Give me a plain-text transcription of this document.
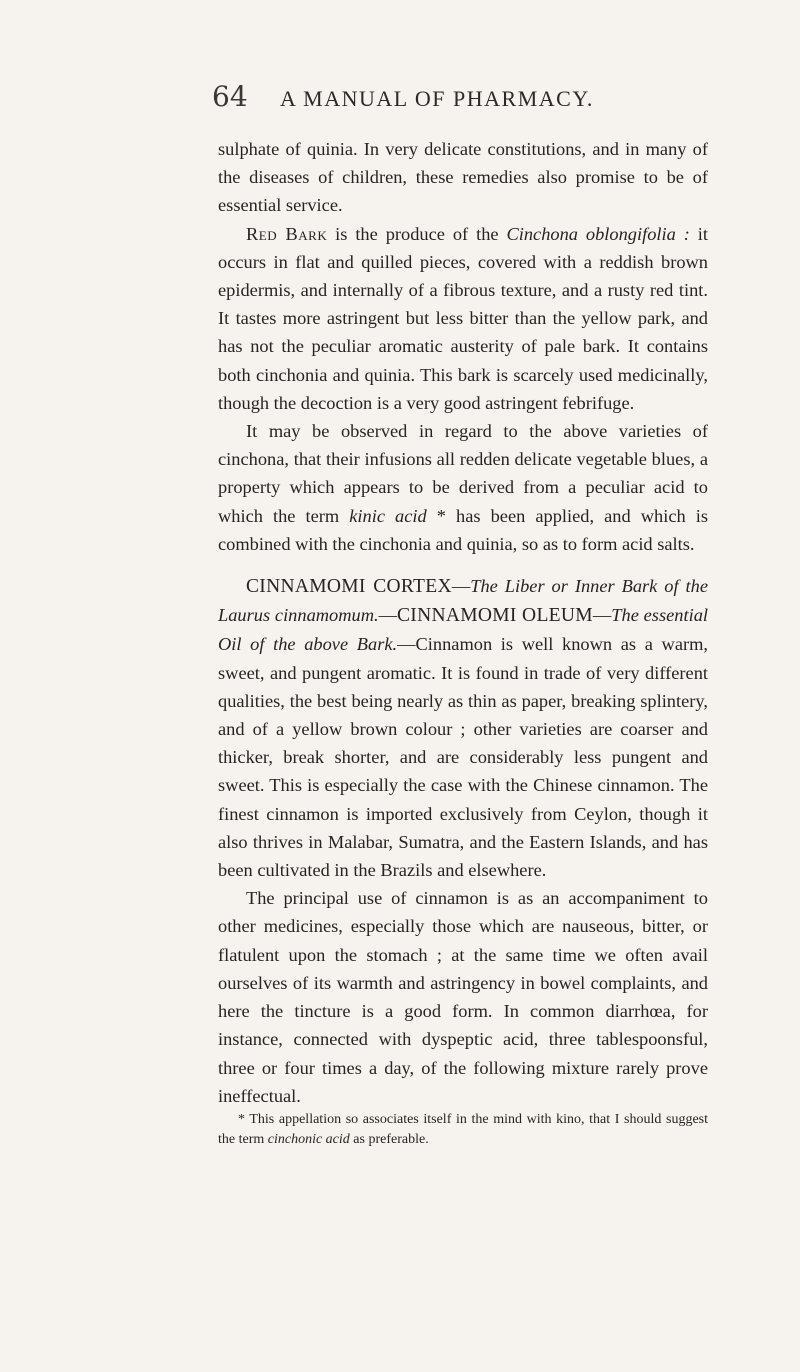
64 A MANUAL OF PHARMACY.

sulphate of quinia. In very delicate constitutions, and in many of the diseases of children, these remedies also promise to be of essential service.

Red Bark is the produce of the Cinchona oblongifolia : it occurs in flat and quilled pieces, covered with a reddish brown epidermis, and internally of a fibrous texture, and a rusty red tint. It tastes more astringent but less bitter than the yellow park, and has not the peculiar aromatic austerity of pale bark. It contains both cinchonia and quinia. This bark is scarcely used medicinally, though the decoction is a very good astringent febrifuge.

It may be observed in regard to the above varieties of cinchona, that their infusions all redden delicate vegetable blues, a property which appears to be derived from a peculiar acid to which the term kinic acid * has been applied, and which is combined with the cinchonia and quinia, so as to form acid salts.

CINNAMOMI CORTEX—The Liber or Inner Bark of the Laurus cinnamomum.—CINNAMOMI OLEUM—The essential Oil of the above Bark.—Cinnamon is well known as a warm, sweet, and pungent aromatic. It is found in trade of very different qualities, the best being nearly as thin as paper, breaking splintery, and of a yellow brown colour ; other varieties are coarser and thicker, break shorter, and are considerably less pungent and sweet. This is especially the case with the Chinese cinnamon. The finest cinnamon is imported exclusively from Ceylon, though it also thrives in Malabar, Sumatra, and the Eastern Islands, and has been cultivated in the Brazils and elsewhere.

The principal use of cinnamon is as an accompaniment to other medicines, especially those which are nauseous, bitter, or flatulent upon the stomach ; at the same time we often avail ourselves of its warmth and astringency in bowel complaints, and here the tincture is a good form. In common diarrhœa, for instance, connected with dyspeptic acid, three tablespoonsful, three or four times a day, of the following mixture rarely prove ineffectual.

* This appellation so associates itself in the mind with kino, that I should suggest the term cinchonic acid as preferable.
